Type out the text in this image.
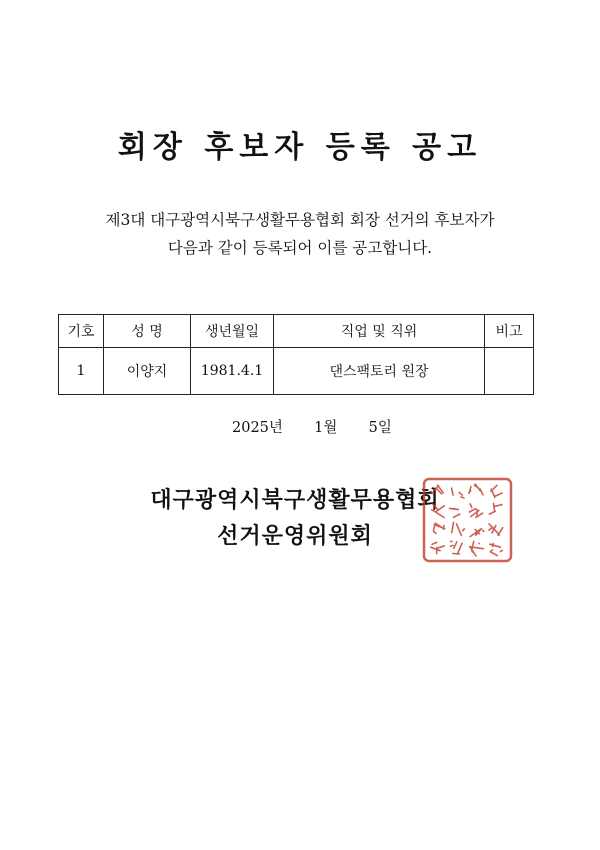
회장 후보자 등록 공고
제3대 대구광역시북구생활무용협회 회장 선거의 후보자가
다음과 같이 등록되어 이를 공고합니다.
기호	성 명	생년월일	직업 및 직위	비고
1	이양지	1981.4.1	댄스팩토리 원장	
2025년 1월 5일
대구광역시북구생활무용협회
선거운영위원회
